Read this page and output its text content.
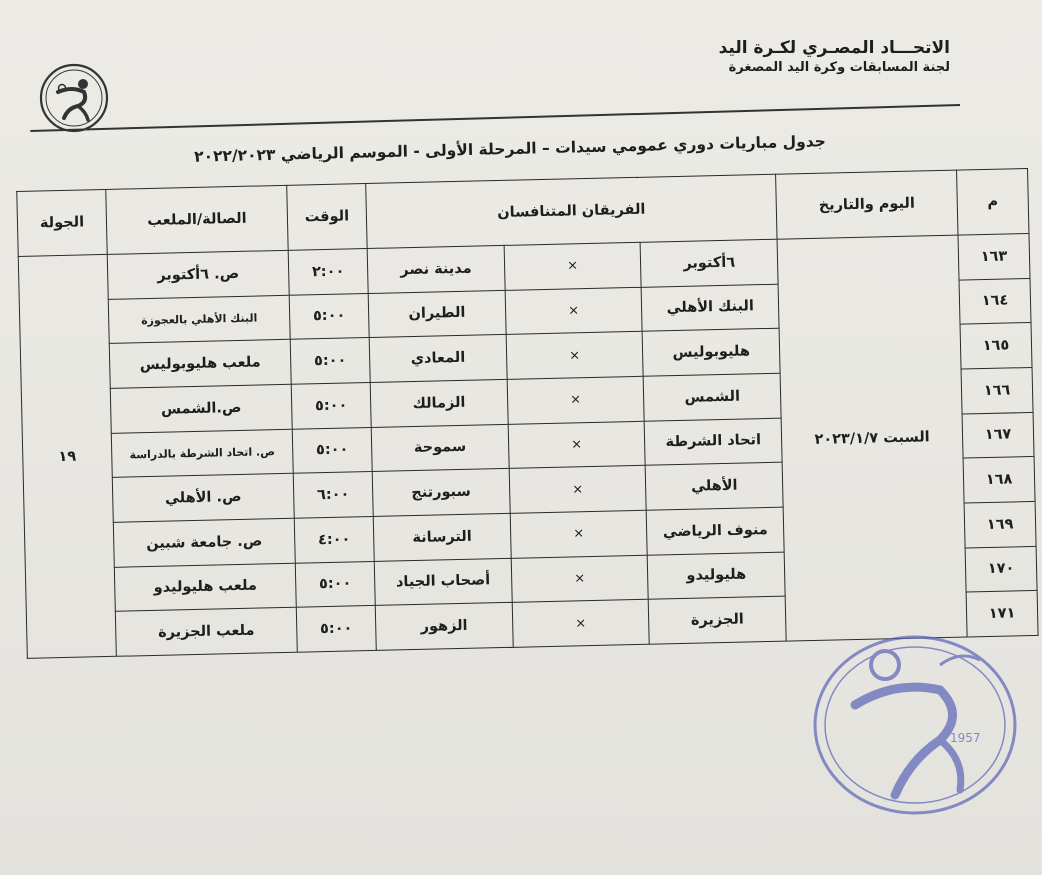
الاتحـــاد المصـري لكـرة اليد
لجنة المسابقات وكرة اليد المصغرة
جدول مباريات دوري عمومي سيدات – المرحلة الأولى - الموسم الرياضي ٢٠٢٢/٢٠٢٣
م	اليوم والتاريخ	الفريقان المتنافسان			الوقت	الصالة/الملعب	الجولة
١٦٣	السبت ٢٠٢٣/١/٧	٦أكتوبر	×	مدينة نصر	٢:٠٠	ص. ٦أكتوبر	١٩
١٦٤		البنك الأهلي	×	الطيران	٥:٠٠	البنك الأهلي بالعجوزة	
١٦٥		هليوبوليس	×	المعادي	٥:٠٠	ملعب هليوبوليس	
١٦٦		الشمس	×	الزمالك	٥:٠٠	ص.الشمس	
١٦٧		اتحاد الشرطة	×	سموحة	٥:٠٠	ص. اتحاد الشرطة بالدراسة	
١٦٨		الأهلي	×	سبورتنج	٦:٠٠	ص. الأهلي	
١٦٩		منوف الرياضي	×	الترسانة	٤:٠٠	ص. جامعة شبين	
١٧٠		هليوليدو	×	أصحاب الجياد	٥:٠٠	ملعب هليوليدو	
١٧١		الجزيرة	×	الزهور	٥:٠٠	ملعب الجزيرة	
1957
